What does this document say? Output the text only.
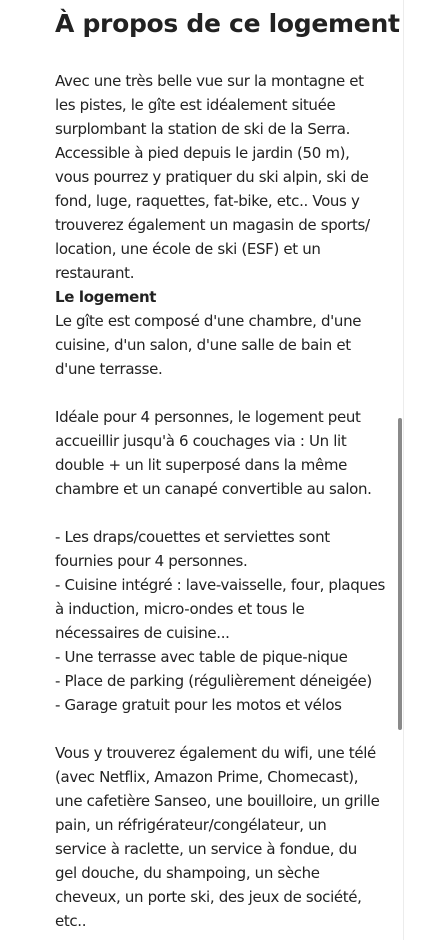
À propos de ce logement

Avec une très belle vue sur la montagne et
les pistes, le gîte est idéalement située
surplombant la station de ski de la Serra.
Accessible à pied depuis le jardin (50 m),
vous pourrez y pratiquer du ski alpin, ski de
fond, luge, raquettes, fat-bike, etc.. Vous y
trouverez également un magasin de sports/
location, une école de ski (ESF) et un
restaurant.

Le logement

Le gîte est composé d'une chambre, d'une
cuisine, d'un salon, d'une salle de bain et
d'une terrasse.

Idéale pour 4 personnes, le logement peut
accueillir jusqu'à 6 couchages via : Un lit
double + un lit superposé dans la même
chambre et un canapé convertible au salon.

- Les draps/couettes et serviettes sont
fournies pour 4 personnes.
- Cuisine intégré : lave-vaisselle, four, plaques
à induction, micro-ondes et tous le
nécessaires de cuisine...
- Une terrasse avec table de pique-nique
- Place de parking (régulièrement déneigée)
- Garage gratuit pour les motos et vélos

Vous y trouverez également du wifi, une télé
(avec Netflix, Amazon Prime, Chomecast),
une cafetière Sanseo, une bouilloire, un grille
pain, un réfrigérateur/congélateur, un
service à raclette, un service à fondue, du
gel douche, du shampoing, un sèche
cheveux, un porte ski, des jeux de société,
etc..
